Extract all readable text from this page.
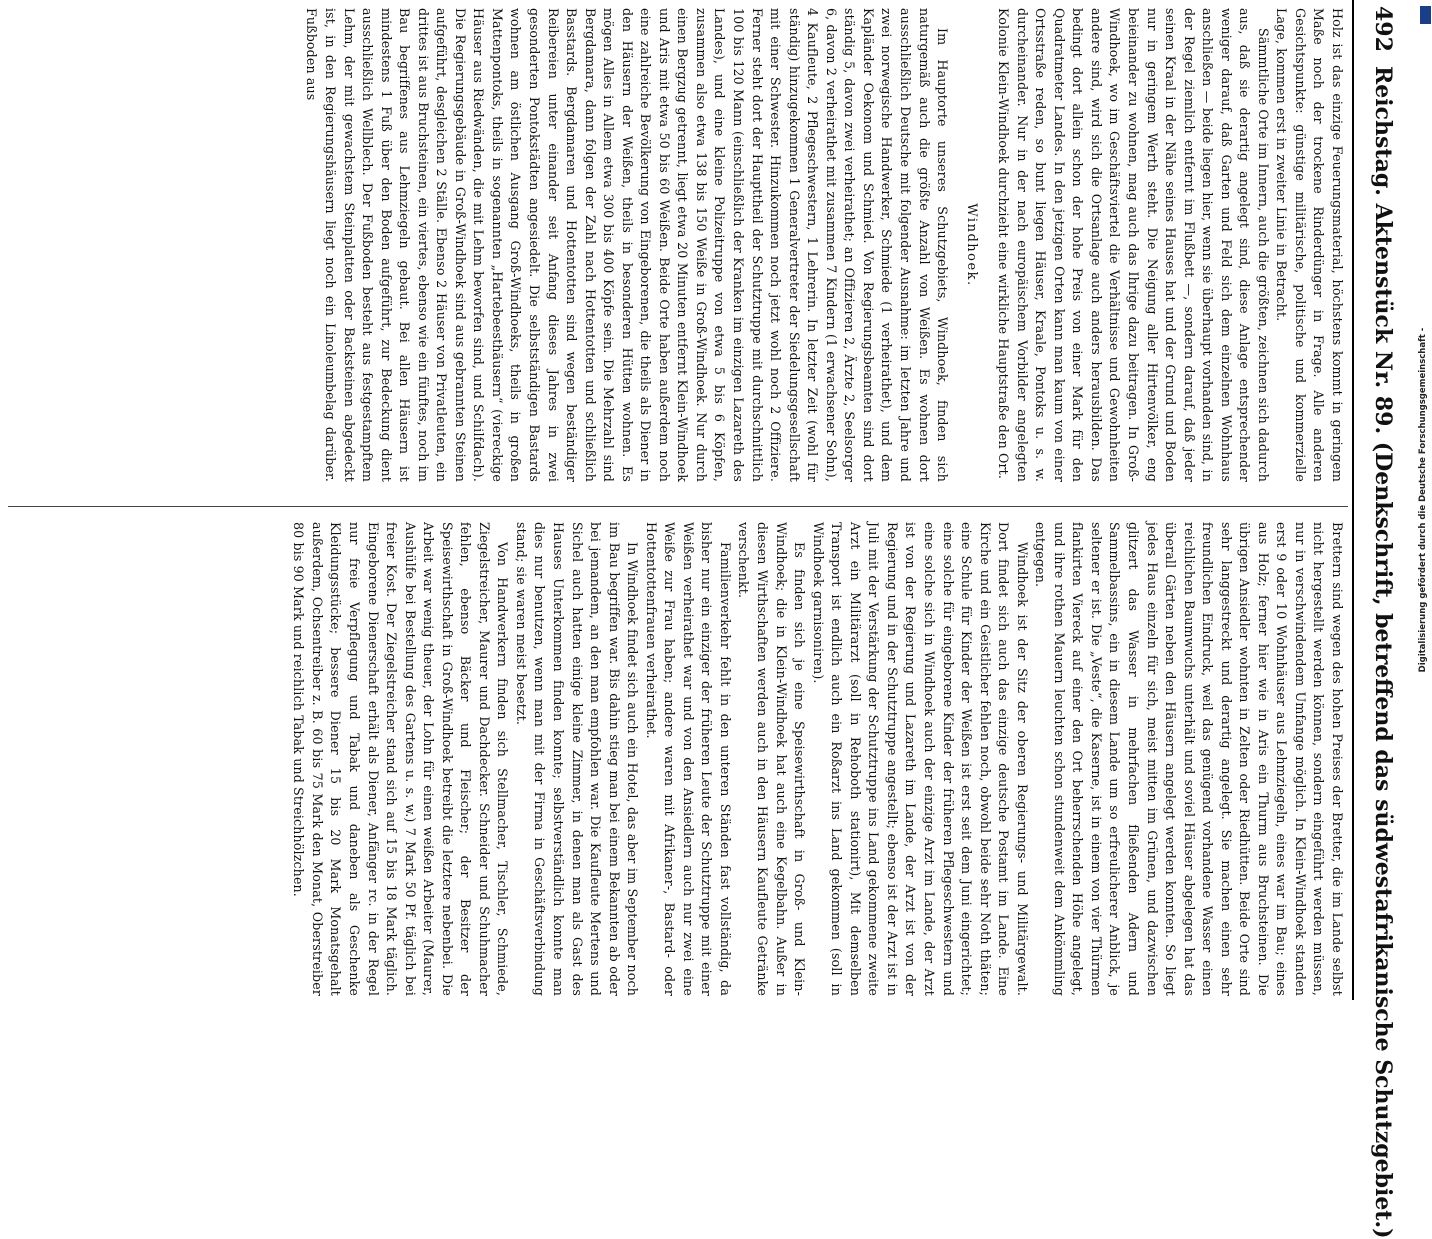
492
Reichstag. Aktenstück Nr. 89. (Denkschrift, betreffend das südwestafrikanische Schutzgebiet.)

Holz ist das einzige Feuerungsmaterial, höchstens kommt in geringem Maße noch der trockene Rinderdünger in Frage. Alle anderen Gesichtspunkte: günstige militärische, politische und kommerzielle Lage, kommen erst in zweiter Linie in Betracht.

Sämmtliche Orte im Innern, auch die größten, zeichnen sich dadurch aus, daß sie derartig angelegt sind, diese Anlage entsprechender weniger darauf, daß Garten und Feld sich dem einzelnen Wohnhaus anschließen — beide liegen hier, wenn sie überhaupt vorhanden sind, in der Regel ziemlich entfernt im Flußbett —, sondern darauf, daß jeder seinen Kraal in der Nähe seines Hauses hat und der Grund und Boden nur in geringem Werth steht. Die Neigung aller Hirtenvölker, eng beieinander zu wohnen, mag auch das Ihrige dazu beitragen. In Groß-Windhoek, wo im Geschäftsviertel die Verhältnisse und Gewohnheiten andere sind, wird sich die Ortsanlage auch anders herausbilden. Das bedingt dort allein schon der hohe Preis von einer Mark für den Quadratmeter Landes. In den jetzigen Orten kann man kaum von einer Ortsstraße reden, so bunt liegen Häuser, Kraale, Pontoks u. s. w. durcheinander. Nur in der nach europäischem Vorbilder angelegten Kolonie Klein-Windhoek durchzieht eine wirkliche Hauptstraße den Ort.

Windhoek.

Im Hauptorte unseres Schutzgebiets, Windhoek, finden sich naturgemäß auch die größte Anzahl von Weißen. Es wohnen dort ausschließlich Deutsche mit folgender Ausnahme: im letzten Jahre und zwei norwegische Handwerker, Schmiede (1 verheirathet), und dem Kapländer Oekonom und Schmied. Von Regierungsbeamten sind dort ständig 5, davon zwei verheirathet; an Offizieren 2, Ärzte 2, Seelsorger 6, davon 2 verheirathet mit zusammen 7 Kindern (1 erwachsener Sohn), 4 Kaufleute, 2 Pflegeschwestern, 1 Lehrerin. In letzter Zeit (wohl für ständig) hinzugekommen 1 Generalvertreter der Siedelungsgesellschaft mit einer Schwester. Hinzukommen noch jetzt wohl noch 2 Offiziere. Ferner steht dort der Haupttheil der Schutztruppe mit durchschnittlich 100 bis 120 Mann (einschließlich der Kranken im einzigen Lazareth des Landes), und eine kleine Polizeitruppe von etwa 5 bis 6 Köpfen, zusammen also etwa 138 bis 150 Weiße in Groß-Windhoek. Nur durch einen Bergzug getrennt, liegt etwa 20 Minuten entfernt Klein-Windhoek und Aris mit etwa 50 bis 60 Weißen. Beide Orte haben außerdem noch eine zahlreiche Bevölkerung von Eingeborenen, die theils als Diener in den Häusern der Weißen, theils in besonderen Hütten wohnen. Es mögen Alles in Allem etwa 300 bis 400 Köpfe sein. Die Mehrzahl sind Bergdamara, dann folgen der Zahl nach Hottentotten und schließlich Basstards. Bergdamaren und Hottentotten sind wegen beständiger Reibereien unter einander seit Anfang dieses Jahres in zwei gesonderten Pontokstädten angesiedelt. Die selbstständigen Bastards wohnen am östlichen Ausgang Groß-Windhoeks, theils in großen Mattenpontoks, theils in sogenannten „Hartebeesthäusern“ (viereckige Häuser aus Riedwänden, die mit Lehm beworfen sind, und Schilfdach). Die Regierungsgebäude in Groß-Windhoek sind aus gebrannten Steinen aufgeführt, desgleichen 2 Ställe. Ebenso 2 Häuser von Privatleuten, ein drittes ist aus Bruchsteinen, ein viertes, ebenso wie ein fünftes, noch im Bau begriffenes aus Lehmziegeln gebaut. Bei allen Häusern ist mindestens 1 Fuß über den Boden aufgeführt, zur Bedeckung dient ausschließlich Wellblech. Der Fußboden besteht aus festgestampftem Lehm, der mit gewachstem Steinplatten oder Backsteinen abgedeckt ist, in den Regierungshäusern liegt noch ein Linoleumbelag darüber. Fußboden aus

Brettern sind wegen des hohen Preises der Bretter, die im Lande selbst nicht hergestellt werden können, sondern eingeführt werden müssen, nur in verschwindendem Umfange möglich. In Klein-Windhoek standen erst 9 oder 10 Wohnhäuser aus Lehmziegeln, eines war im Bau; eines aus Holz; ferner hier wie in Aris ein Thurm aus Bruchsteinen. Die übrigen Ansiedler wohnten in Zelten oder Riedhütten. Beide Orte sind sehr langgestreckt und derartig angelegt. Sie machen einen sehr freundlichen Eindruck, weil das genügend vorhandene Wasser einen reichlichen Baumwuchs unterhält und soviel Häuser abgelegen hat das überall Gärten neben den Häusern angelegt werden konnten. So liegt jedes Haus einzeln für sich, meist mitten im Grünen, und dazwischen glitzert das Wasser in mehrfachen fließenden Adern und Sammelbassins, ein in diesem Lande um so erfreulicherer Anblick, je seltener er ist. Die „Veste“, die Kaserne, ist in einem von vier Thürmen flankirten Viereck auf einer den Ort beherrschenden Höhe angelegt, und ihre rothen Mauern leuchten schon stundenweit dem Ankömmling entgegen.

Windhoek ist der Sitz der oberen Regierungs- und Militärgewalt. Dort findet sich auch das einzige deutsche Postamt im Lande. Eine Kirche und ein Geistlicher fehlen noch, obwohl beide sehr Noth thäten; eine Schule für Kinder der Weißen ist erst seit dem Juni eingerichtet; eine solche für eingeborene Kinder der früheren Pflegeschwestern und eine solche sich in Windhoek auch der einzige Arzt im Lande, der Arzt ist von der Regierung und Lazareth im Lande, der Arzt ist von der Regierung und in der Schutztruppe angestellt; ebenso ist der Arzt ist in Juli mit der Verstärkung der Schutztruppe ins Land gekommene zweite Arzt ein Militärarzt (soll in Rehoboth stationirt), Mit demselben Transport ist endlich auch ein Roßarzt ins Land gekommen (soll in Windhoek garnisoniren).

Es finden sich je eine Speisewirthschaft in Groß- und Klein-Windhoek; die in Klein-Windhoek hat auch eine Kegelbahn. Außer in diesen Wirthschaften werden auch in den Häusern Kaufleute Getränke verschenkt.

Familienverkehr fehlt in den unteren Ständen fast vollständig, da bisher nur ein einziger der früheren Leute der Schutztruppe mit einer Weißen verheirathet war und von den Ansiedlern auch nur zwei eine Weiße zur Frau haben; andere waren mit Afrikaner-, Bastard- oder Hottentottenfrauen verheirathet.

In Windhoek findet sich auch ein Hotel, das aber im September noch im Bau begriffen war. Bis dahin stieg man bei einem Bekannten ab oder bei jemandem, an den man empfohlen war. Die Kaufleute Mertens und Sichel auch hatten einige kleine Zimmer, in denen man als Gast des Hauses Unterkommen finden konnte; selbstverständlich konnte man dies nur benutzen, wenn man mit der Firma in Geschäftsverbindung stand; sie waren meist besetzt.

Von Handwerkern finden sich Stellmacher, Tischler, Schmiede, Ziegelstreicher, Maurer und Dachdecker. Schneider und Schuhmacher fehlen, ebenso Bäcker und Fleischer; der Besitzer der Speisewirthschaft in Groß-Windhoek betreibt die letztere nebenbei. Die Arbeit war wenig theuer, der Lohn für einen weißen Arbeiter (Maurer, Aushülfe bei Bestellung des Gartens u. s. w.) 7 Mark 50 Pf. täglich bei freier Kost. Der Ziegelstreicher stand sich auf 15 bis 18 Mark täglich. Eingeborene Dienerschaft erhält als Diener, Anfänger rc. in der Regel nur freie Verpflegung und Tabak und daneben als Geschenke Kleidungsstücke; bessere Diener 15 bis 20 Mark Monatsgehalt außerdem, Ochsentreiber z. B. 60 bis 75 Mark den Monat, Oberstreiber 80 bis 90 Mark und reichlich Tabak und Streichhölzchen.

Digitalisierung gefördert durch die Deutsche Forschungsgemeinschaft -
